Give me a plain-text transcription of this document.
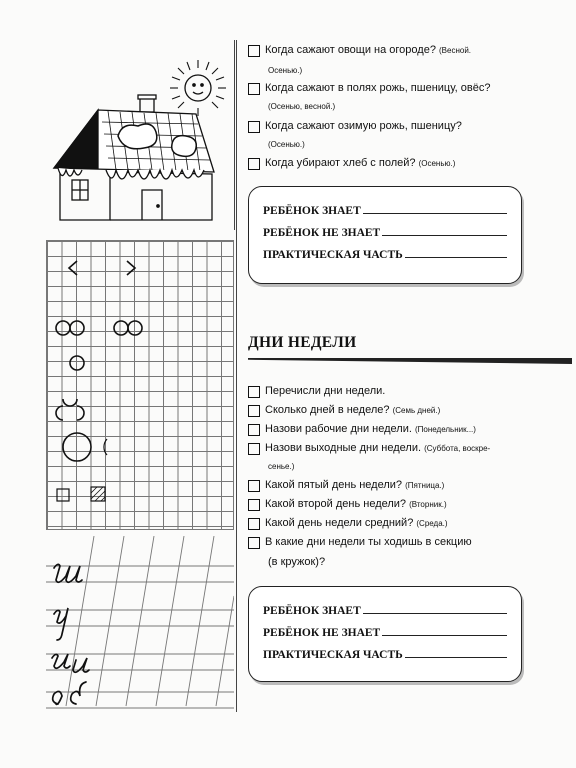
Когда сажают овощи на огороде? (Весной.
Осенью.)
Когда сажают в полях рожь, пшеницу, овёс?
(Осенью, весной.)
Когда сажают озимую рожь, пшеницу?
(Осенью.)
Когда убирают хлеб с полей? (Осенью.)
РЕБЁНОК ЗНАЕТ
РЕБЁНОК НЕ ЗНАЕТ
ПРАКТИЧЕСКАЯ ЧАСТЬ
ДНИ НЕДЕЛИ
Перечисли дни недели.
Сколько дней в неделе? (Семь дней.)
Назови рабочие дни недели. (Понедельник...)
Назови выходные дни недели. (Суббота, воскре-
сенье.)
Какой пятый день недели? (Пятница.)
Какой второй день недели? (Вторник.)
Какой день недели средний? (Среда.)
В какие дни недели ты ходишь в секцию
(в кружок)?
РЕБЁНОК ЗНАЕТ
РЕБЁНОК НЕ ЗНАЕТ
ПРАКТИЧЕСКАЯ ЧАСТЬ
